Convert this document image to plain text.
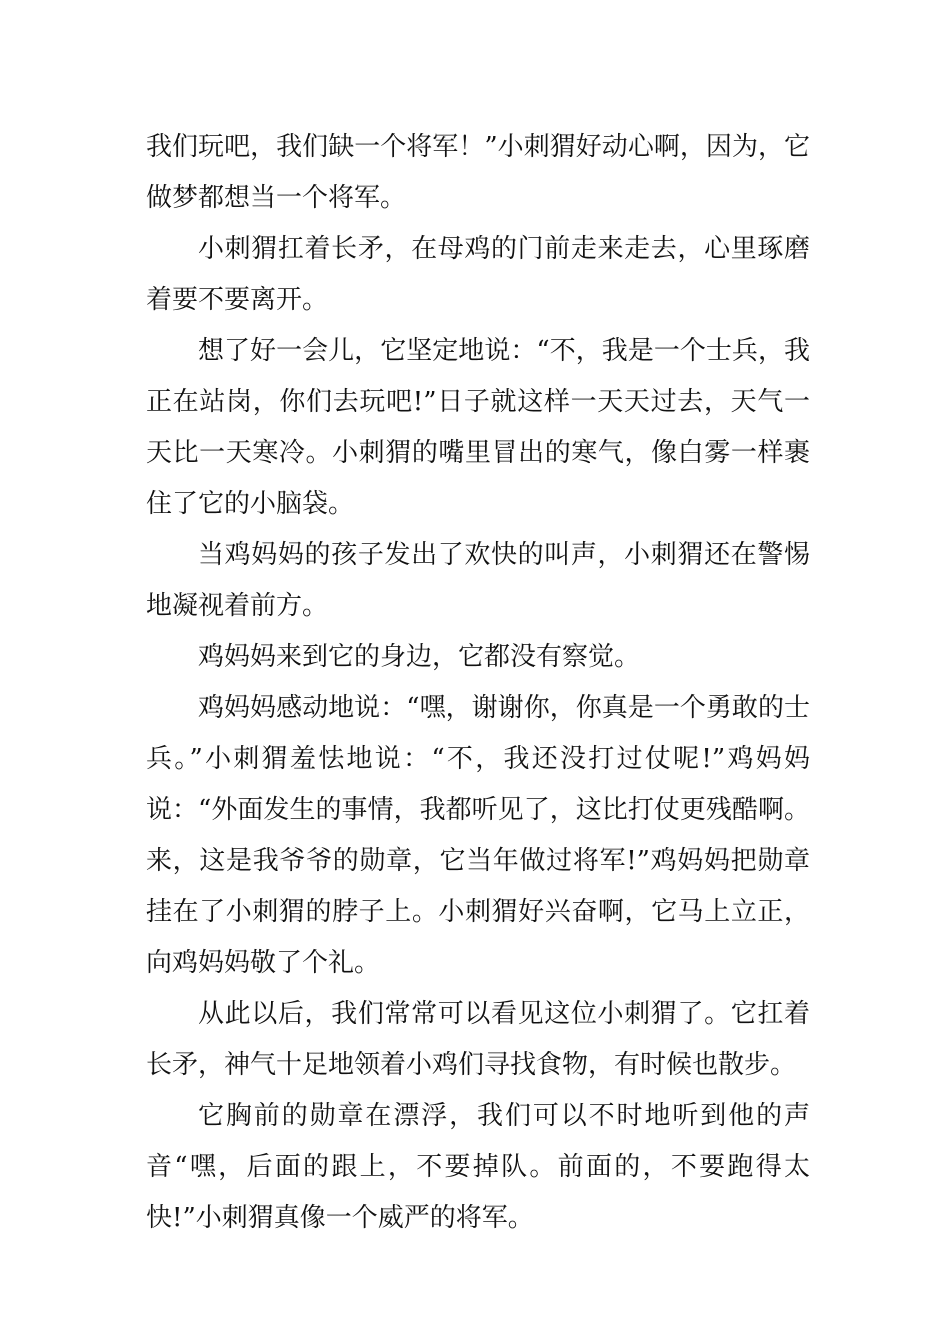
我们玩吧，我们缺一个将军！”小刺猬好动心啊，因为，它做梦都想当一个将军。

小刺猬扛着长矛，在母鸡的门前走来走去，心里琢磨着要不要离开。

想了好一会儿，它坚定地说：“不，我是一个士兵，我正在站岗，你们去玩吧!”日子就这样一天天过去，天气一天比一天寒冷。小刺猬的嘴里冒出的寒气，像白雾一样裹住了它的小脑袋。

当鸡妈妈的孩子发出了欢快的叫声，小刺猬还在警惕地凝视着前方。

鸡妈妈来到它的身边，它都没有察觉。

鸡妈妈感动地说：“嘿，谢谢你，你真是一个勇敢的士兵。”小刺猬羞怯地说：“不，我还没打过仗呢!”鸡妈妈说：“外面发生的事情，我都听见了，这比打仗更残酷啊。来，这是我爷爷的勋章，它当年做过将军!”鸡妈妈把勋章挂在了小刺猬的脖子上。小刺猬好兴奋啊，它马上立正，向鸡妈妈敬了个礼。

从此以后，我们常常可以看见这位小刺猬了。它扛着长矛，神气十足地领着小鸡们寻找食物，有时候也散步。

它胸前的勋章在漂浮，我们可以不时地听到他的声音“嘿，后面的跟上，不要掉队。前面的，不要跑得太快!”小刺猬真像一个威严的将军。
